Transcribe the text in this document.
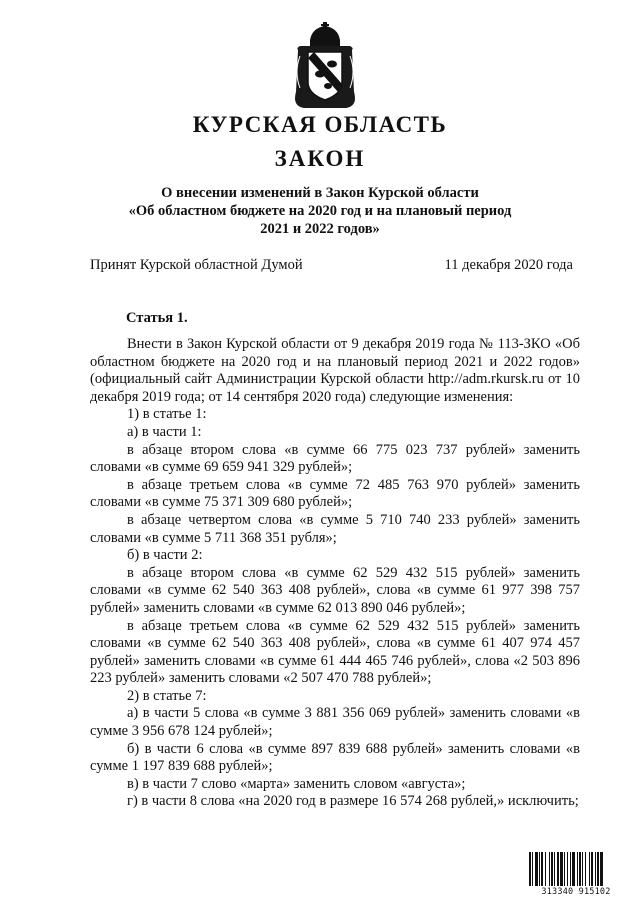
КУРСКАЯ ОБЛАСТЬ
ЗАКОН
О внесении изменений в Закон Курской области
«Об областном бюджете на 2020 год и на плановый период
2021 и 2022 годов»
Принят Курской областной Думой	11 декабря 2020 года
Статья 1.

Внести в Закон Курской области от 9 декабря 2019 года № 113-ЗКО «Об областном бюджете на 2020 год и на плановый период 2021 и 2022 годов» (официальный сайт Администрации Курской области http://adm.rkursk.ru от 10 декабря 2019 года; от 14 сентября 2020 года) следующие изменения:

1) в статье 1:

а) в части 1:

в абзаце втором слова «в сумме 66 775 023 737 рублей» заменить словами «в сумме 69 659 941 329 рублей»;

в абзаце третьем слова «в сумме 72 485 763 970 рублей» заменить словами «в сумме 75 371 309 680 рублей»;

в абзаце четвертом слова «в сумме 5 710 740 233 рублей» заменить словами «в сумме 5 711 368 351 рубля»;

б) в части 2:

в абзаце втором слова «в сумме 62 529 432 515 рублей» заменить словами «в сумме 62 540 363 408 рублей», слова «в сумме 61 977 398 757 рублей» заменить словами «в сумме 62 013 890 046 рублей»;

в абзаце третьем слова «в сумме 62 529 432 515 рублей» заменить словами «в сумме 62 540 363 408 рублей», слова «в сумме 61 407 974 457 рублей» заменить словами «в сумме 61 444 465 746 рублей», слова «2 503 896 223 рублей» заменить словами «2 507 470 788 рублей»;

2) в статье 7:

а) в части 5 слова «в сумме 3 881 356 069 рублей» заменить словами «в сумме 3 956 678 124 рублей»;

б) в части 6 слова «в сумме 897 839 688 рублей» заменить словами «в сумме 1 197 839 688 рублей»;

в) в части 7 слово «марта» заменить словом «августа»;

г) в части 8 слова «на 2020 год в размере 16 574 268 рублей,» исключить;

313340 915102
